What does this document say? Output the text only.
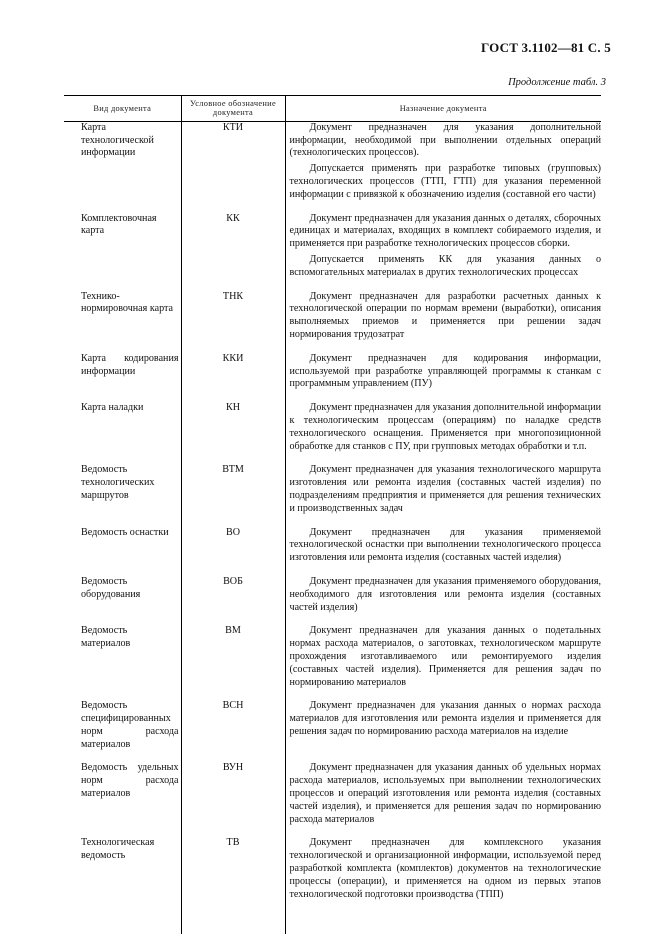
ГОСТ 3.1102—81 С. 5
Продолжение табл. 3
Вид документа	Условное обозначение документа	Назначение документа

Карта технологической информации	КТИ	Документ предназначен для указания дополнительной информации, необходимой при выполнении отдельных операций (технологических процессов).

Допускается применять при разработке типовых (групповых) технологических процессов (ТТП, ГТП) для указания переменной информации с привязкой к обозначению изделия (составной его части)

Комплектовочная карта	КК	Документ предназначен для указания данных о деталях, сборочных единицах и материалах, входящих в комплект собираемого изделия, и применяется при разработке технологических процессов сборки.

Допускается применять КК для указания данных о вспомогательных материалах в других технологических процессах

Технико-нормировочная карта	ТНК	Документ предназначен для разработки расчетных данных к технологической операции по нормам времени (выработки), описания выполняемых приемов и применяется при решении задач нормирования трудозатрат

Карта кодирования информации	ККИ	Документ предназначен для кодирования информации, используемой при разработке управляющей программы к станкам с программным управлением (ПУ)

Карта наладки	КН	Документ предназначен для указания дополнительной информации к технологическим процессам (операциям) по наладке средств технологического оснащения. Применяется при многопозиционной обработке для станков с ПУ, при групповых методах обработки и т.п.

Ведомость технологических маршрутов	ВТМ	Документ предназначен для указания технологического маршрута изготовления или ремонта изделия (составных частей изделия) по подразделениям предприятия и применяется для решения технических и производственных задач

Ведомость оснастки	ВО	Документ предназначен для указания применяемой технологической оснастки при выполнении технологического процесса изготовления или ремонта изделия (составных частей изделия)

Ведомость оборудования	ВОБ	Документ предназначен для указания применяемого оборудования, необходимого для изготовления или ремонта изделия (составных частей изделия)

Ведомость материалов	ВМ	Документ предназначен для указания данных о подетальных нормах расхода материалов, о заготовках, технологическом маршруте прохождения изготавливаемого или ремонтируемого изделия (составных частей изделия). Применяется для решения задач по нормированию материалов

Ведомость специфицированных норм расхода материалов	ВСН	Документ предназначен для указания данных о нормах расхода материалов для изготовления или ремонта изделия и применяется для решения задач по нормированию расхода материалов на изделие

Ведомость удельных норм расхода материалов	ВУН	Документ предназначен для указания данных об удельных нормах расхода материалов, используемых при выполнении технологических процессов и операций изготовления или ремонта изделия (составных частей изделия), и применяется для решения задач по нормированию расхода материалов

Технологическая ведомость	ТВ	Документ предназначен для комплексного указания технологической и организационной информации, используемой перед разработкой комплекта (комплектов) документов на технологические процессы (операции), и применяется на одном из первых этапов технологической подготовки производства (ТПП)
